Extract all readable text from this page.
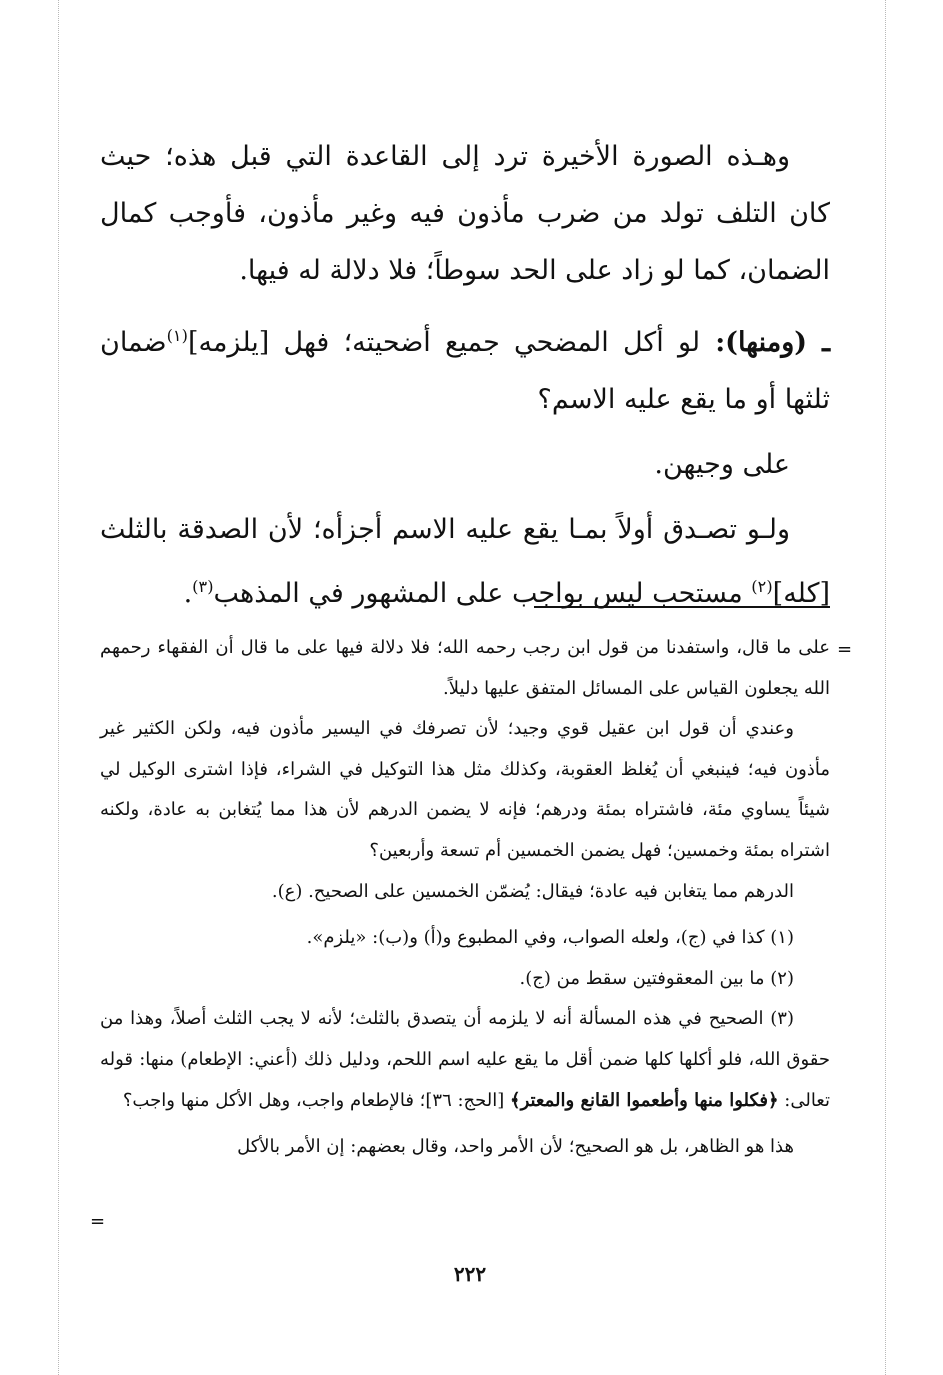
وهـذه الصورة الأخيرة ترد إلى القاعدة التي قبل هذه؛ حيث كان التلف تولد من ضرب مأذون فيه وغير مأذون، فأوجب كمال الضمان، كما لو زاد على الحد سوطاً؛ فلا دلالة له فيها.

ـ (ومنها): لو أكل المضحي جميع أضحيته؛ فهل [يلزمه]$^{(١)}$ضمان ثلثها أو ما يقع عليه الاسم؟

على وجيهن.

ولـو تصـدق أولاً بمـا يقع عليه الاسم أجزأه؛ لأن الصدقة بالثلث [كله]$^{(٢)}$ مستحب ليس بواجب على المشهور في المذهب$^{(٣)}$.

=

على ما قال، واستفدنا من قول ابن رجب رحمه الله؛ فلا دلالة فيها على ما قال أن الفقهاء رحمهم الله يجعلون القياس على المسائل المتفق عليها دليلاً.

وعندي أن قول ابن عقيل قوي وجيد؛ لأن تصرفك في اليسير مأذون فيه، ولكن الكثير غير مأذون فيه؛ فينبغي أن يُغلظ العقوبة، وكذلك مثل هذا التوكيل في الشراء، فإذا اشترى الوكيل لي شيئاً يساوي مئة، فاشتراه بمئة ودرهم؛ فإنه لا يضمن الدرهم لأن هذا مما يُتغابن به عادة، ولكنه اشتراه بمئة وخمسين؛ فهل يضمن الخمسين أم تسعة وأربعين؟

الدرهم مما يتغابن فيه عادة؛ فيقال: يُضمّن الخمسين على الصحيح. (ع).

(١) كذا في (ج)، ولعله الصواب، وفي المطبوع و(أ) و(ب): «يلزم».

(٢) ما بين المعقوفتين سقط من (ج).

(٣) الصحيح في هذه المسألة أنه لا يلزمه أن يتصدق بالثلث؛ لأنه لا يجب الثلث أصلاً، وهذا من حقوق الله، فلو أكلها كلها ضمن أقل ما يقع عليه اسم اللحم، ودليل ذلك (أعني: الإطعام) منها: قوله تعالى: ﴿فكلوا منها وأطعموا القانع والمعتر﴾ [الحج: ٣٦]؛ فالإطعام واجب، وهل الأكل منها واجب؟

هذا هو الظاهر، بل هو الصحيح؛ لأن الأمر واحد، وقال بعضهم: إن الأمر بالأكل

=
٢٢٢
